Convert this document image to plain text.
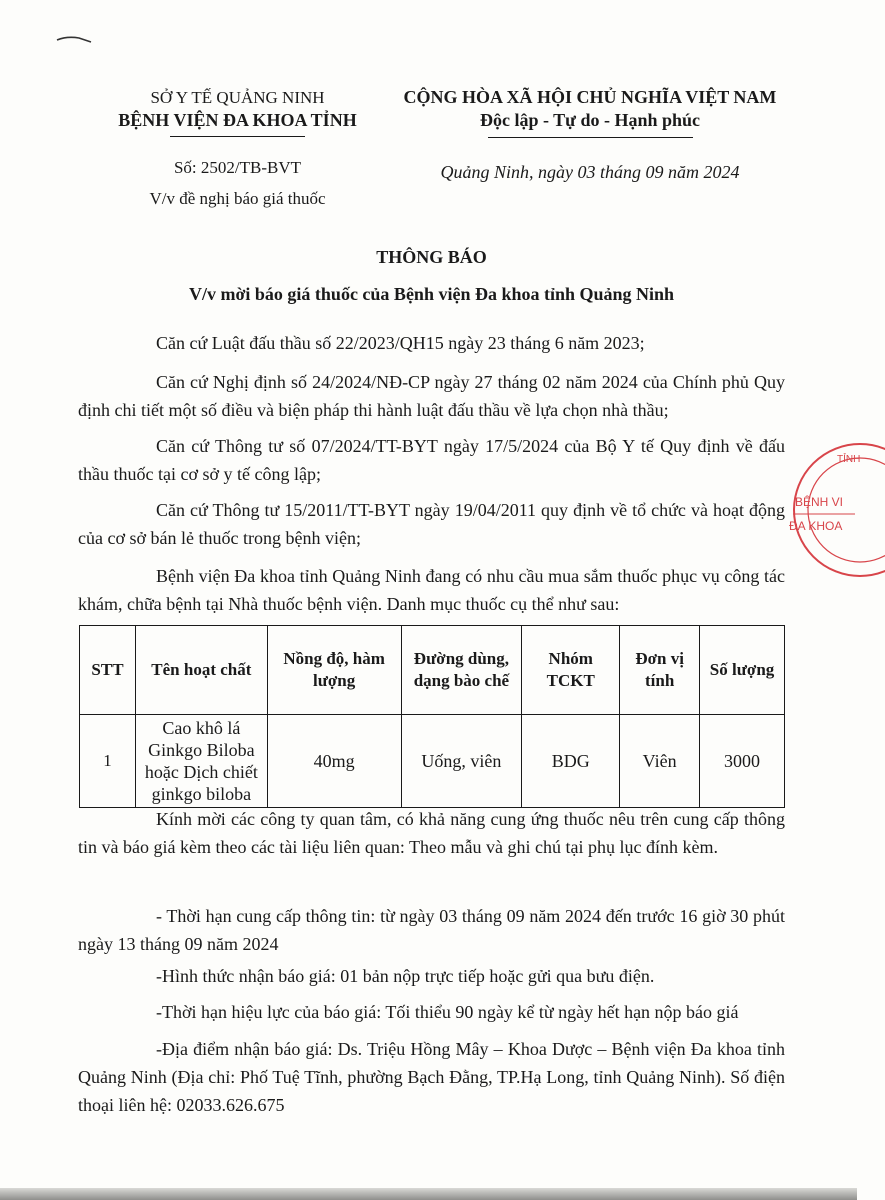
SỞ Y TẾ QUẢNG NINH
BỆNH VIỆN ĐA KHOA TỈNH
Số: 2502/TB-BVT
V/v đề nghị báo giá thuốc
CỘNG HÒA XÃ HỘI CHỦ NGHĨA VIỆT NAM
Độc lập - Tự do - Hạnh phúc
Quảng Ninh, ngày 03 tháng 09 năm 2024
THÔNG BÁO
V/v mời báo giá thuốc của Bệnh viện Đa khoa tỉnh Quảng Ninh
Căn cứ Luật đấu thầu số 22/2023/QH15 ngày 23 tháng 6 năm 2023;
Căn cứ Nghị định số 24/2024/NĐ-CP ngày 27 tháng 02 năm 2024 của Chính phủ Quy định chi tiết một số điều và biện pháp thi hành luật đấu thầu về lựa chọn nhà thầu;
Căn cứ Thông tư số 07/2024/TT-BYT ngày 17/5/2024 của Bộ Y tế Quy định về đấu thầu thuốc tại cơ sở y tế công lập;
Căn cứ Thông tư 15/2011/TT-BYT ngày 19/04/2011 quy định về tổ chức và hoạt động của cơ sở bán lẻ thuốc trong bệnh viện;
Bệnh viện Đa khoa tỉnh Quảng Ninh đang có nhu cầu mua sắm thuốc phục vụ công tác khám, chữa bệnh tại Nhà thuốc bệnh viện. Danh mục thuốc cụ thể như sau:
STT	Tên hoạt chất	Nồng độ, hàm lượng	Đường dùng, dạng bào chế	Nhóm TCKT	Đơn vị tính	Số lượng
1	Cao khô lá Ginkgo Biloba hoặc Dịch chiết ginkgo biloba	40mg	Uống, viên	BDG	Viên	3000
Kính mời các công ty quan tâm, có khả năng cung ứng thuốc nêu trên cung cấp thông tin và báo giá kèm theo các tài liệu liên quan: Theo mẫu và ghi chú tại phụ lục đính kèm.
- Thời hạn cung cấp thông tin: từ ngày 03 tháng 09 năm 2024 đến trước 16 giờ 30 phút ngày 13 tháng 09 năm 2024
-Hình thức nhận báo giá: 01 bản nộp trực tiếp hoặc gửi qua bưu điện.
-Thời hạn hiệu lực của báo giá: Tối thiểu 90 ngày kể từ ngày hết hạn nộp báo giá
-Địa điểm nhận báo giá: Ds. Triệu Hồng Mây – Khoa Dược – Bệnh viện Đa khoa tỉnh Quảng Ninh (Địa chỉ: Phố Tuệ Tĩnh, phường Bạch Đằng, TP.Hạ Long, tỉnh Quảng Ninh). Số điện thoại liên hệ: 02033.626.675
TỈNH
BỆNH VI
ĐA KHOA
